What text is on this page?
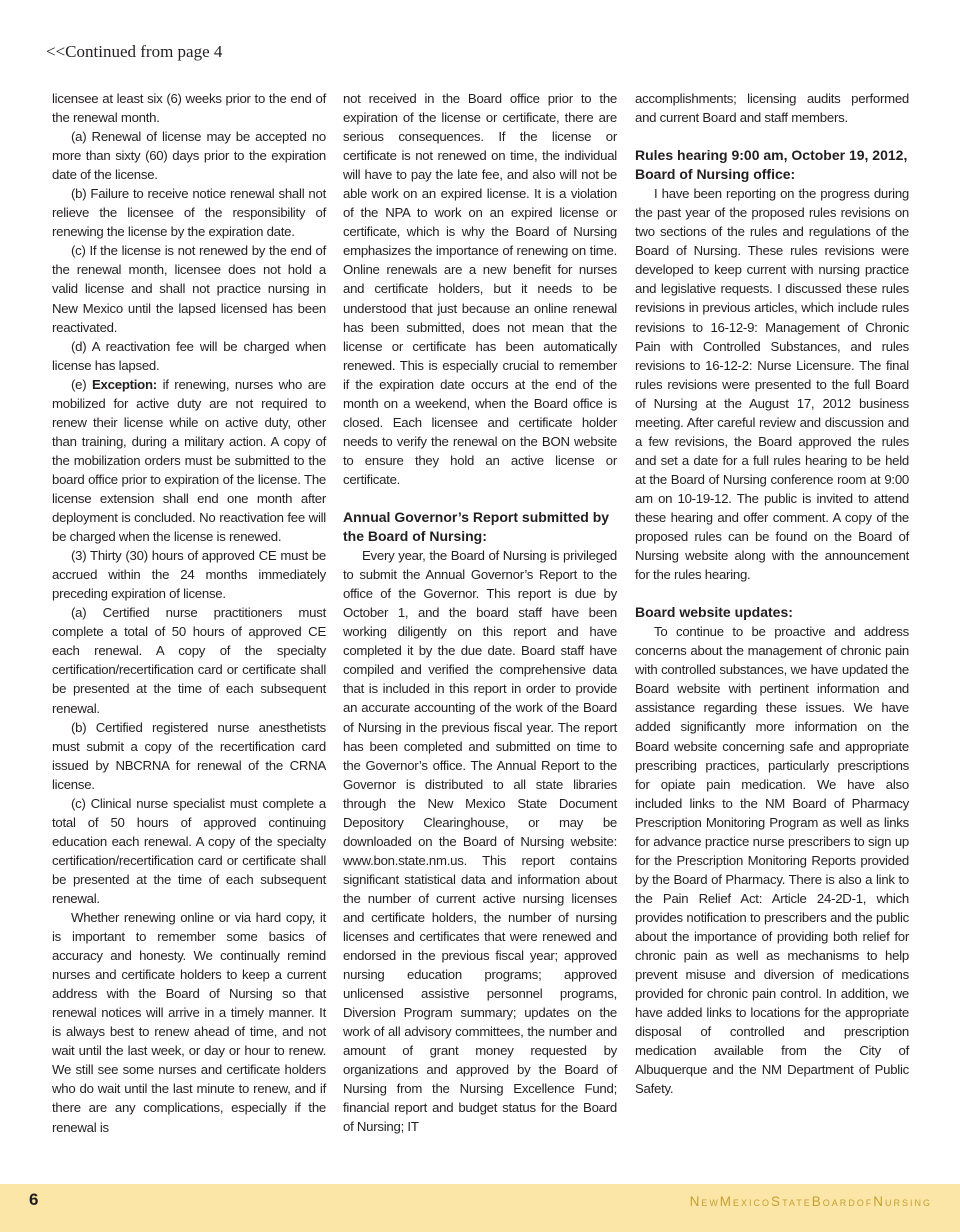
<<Continued from page 4

licensee at least six (6) weeks prior to the end of the renewal month.

(a) Renewal of license may be accepted no more than sixty (60) days prior to the expiration date of the license.

(b) Failure to receive notice renewal shall not relieve the licensee of the responsibility of renewing the license by the expiration date.

(c) If the license is not renewed by the end of the renewal month, licensee does not hold a valid license and shall not practice nursing in New Mexico until the lapsed licensed has been reactivated.

(d) A reactivation fee will be charged when license has lapsed.

(e) Exception: if renewing, nurses who are mobilized for active duty are not required to renew their license while on active duty, other than training, during a military action. A copy of the mobilization orders must be submitted to the board office prior to expiration of the license. The license extension shall end one month after deployment is concluded. No reactivation fee will be charged when the license is renewed.

(3) Thirty (30) hours of approved CE must be accrued within the 24 months immediately preceding expiration of license.

(a) Certified nurse practitioners must complete a total of 50 hours of approved CE each renewal. A copy of the specialty certification/recertification card or certificate shall be presented at the time of each subsequent renewal.

(b) Certified registered nurse anesthetists must submit a copy of the recertification card issued by NBCRNA for renewal of the CRNA license.

(c) Clinical nurse specialist must complete a total of 50 hours of approved continuing education each renewal. A copy of the specialty certification/recertification card or certificate shall be presented at the time of each subsequent renewal.

Whether renewing online or via hard copy, it is important to remember some basics of accuracy and honesty. We continually remind nurses and certificate holders to keep a current address with the Board of Nursing so that renewal notices will arrive in a timely manner. It is always best to renew ahead of time, and not wait until the last week, or day or hour to renew. We still see some nurses and certificate holders who do wait until the last minute to renew, and if there are any complications, especially if the renewal is

not received in the Board office prior to the expiration of the license or certificate, there are serious consequences. If the license or certificate is not renewed on time, the individual will have to pay the late fee, and also will not be able work on an expired license. It is a violation of the NPA to work on an expired license or certificate, which is why the Board of Nursing emphasizes the importance of renewing on time. Online renewals are a new benefit for nurses and certificate holders, but it needs to be understood that just because an online renewal has been submitted, does not mean that the license or certificate has been automatically renewed. This is especially crucial to remember if the expiration date occurs at the end of the month on a weekend, when the Board office is closed. Each licensee and certificate holder needs to verify the renewal on the BON website to ensure they hold an active license or certificate.

Annual Governor’s Report submitted by the Board of Nursing:

Every year, the Board of Nursing is privileged to submit the Annual Governor’s Report to the office of the Governor. This report is due by October 1, and the board staff have been working diligently on this report and have completed it by the due date. Board staff have compiled and verified the comprehensive data that is included in this report in order to provide an accurate accounting of the work of the Board of Nursing in the previous fiscal year. The report has been completed and submitted on time to the Governor’s office. The Annual Report to the Governor is distributed to all state libraries through the New Mexico State Document Depository Clearinghouse, or may be downloaded on the Board of Nursing website: www.bon.state.nm.us. This report contains significant statistical data and information about the number of current active nursing licenses and certificate holders, the number of nursing licenses and certificates that were renewed and endorsed in the previous fiscal year; approved nursing education programs; approved unlicensed assistive personnel programs, Diversion Program summary; updates on the work of all advisory committees, the number and amount of grant money requested by organizations and approved by the Board of Nursing from the Nursing Excellence Fund; financial report and budget status for the Board of Nursing; IT

accomplishments; licensing audits performed and current Board and staff members.

Rules hearing 9:00 am, October 19, 2012, Board of Nursing office:

I have been reporting on the progress during the past year of the proposed rules revisions on two sections of the rules and regulations of the Board of Nursing. These rules revisions were developed to keep current with nursing practice and legislative requests. I discussed these rules revisions in previous articles, which include rules revisions to 16-12-9: Management of Chronic Pain with Controlled Substances, and rules revisions to 16-12-2: Nurse Licensure. The final rules revisions were presented to the full Board of Nursing at the August 17, 2012 business meeting. After careful review and discussion and a few revisions, the Board approved the rules and set a date for a full rules hearing to be held at the Board of Nursing conference room at 9:00 am on 10-19-12. The public is invited to attend these hearing and offer comment. A copy of the proposed rules can be found on the Board of Nursing website along with the announcement for the rules hearing.

Board website updates:

To continue to be proactive and address concerns about the management of chronic pain with controlled substances, we have updated the Board website with pertinent information and assistance regarding these issues. We have added significantly more information on the Board website concerning safe and appropriate prescribing practices, particularly prescriptions for opiate pain medication. We have also included links to the NM Board of Pharmacy Prescription Monitoring Program as well as links for advance practice nurse prescribers to sign up for the Prescription Monitoring Reports provided by the Board of Pharmacy. There is also a link to the Pain Relief Act: Article 24-2D-1, which provides notification to prescribers and the public about the importance of providing both relief for chronic pain as well as mechanisms to help prevent misuse and diversion of medications provided for chronic pain control. In addition, we have added links to locations for the appropriate disposal of controlled and prescription medication available from the City of Albuquerque and the NM Department of Public Safety.

6	NewMexicoStateBoardofNursing
